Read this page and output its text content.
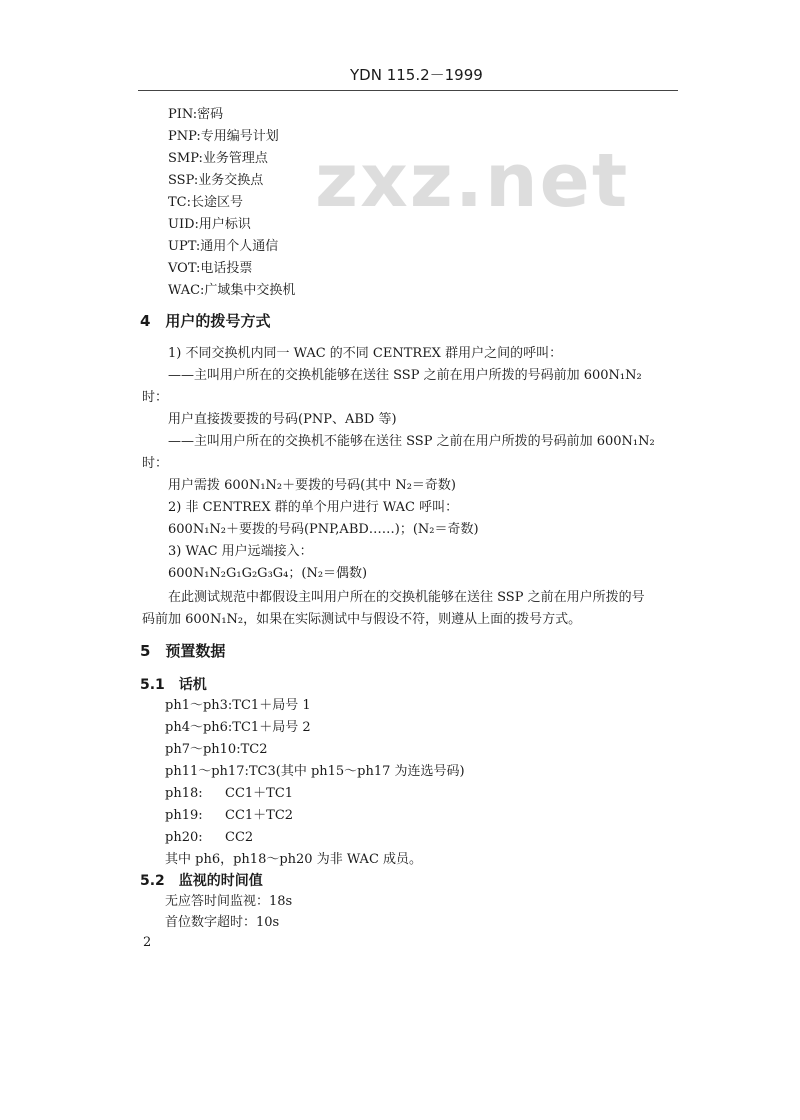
YDN 115.2－1999
zxz.net
PIN:密码
PNP:专用编号计划
SMP:业务管理点
SSP:业务交换点
TC:长途区号
UID:用户标识
UPT:通用个人通信
VOT:电话投票
WAC:广域集中交换机
4　用户的拨号方式
1) 不同交换机内同一 WAC 的不同 CENTREX 群用户之间的呼叫：
——主叫用户所在的交换机能够在送往 SSP 之前在用户所拨的号码前加 600N₁N₂
时：
用户直接拨要拨的号码(PNP、ABD 等)
——主叫用户所在的交换机不能够在送往 SSP 之前在用户所拨的号码前加 600N₁N₂
时：
用户需拨 600N₁N₂＋要拨的号码(其中 N₂＝奇数)
2) 非 CENTREX 群的单个用户进行 WAC 呼叫：
600N₁N₂＋要拨的号码(PNP,ABD……)；(N₂＝奇数)
3) WAC 用户远端接入：
600N₁N₂G₁G₂G₃G₄；(N₂＝偶数)
在此测试规范中都假设主叫用户所在的交换机能够在送往 SSP 之前在用户所拨的号
码前加 600N₁N₂，如果在实际测试中与假设不符，则遵从上面的拨号方式。
5　预置数据
5.1　话机
ph1～ph3:TC1＋局号 1
ph4～ph6:TC1＋局号 2
ph7～ph10:TC2
ph11～ph17:TC3(其中 ph15～ph17 为连选号码)
ph18: CC1＋TC1
ph19: CC1＋TC2
ph20: CC2
其中 ph6，ph18～ph20 为非 WAC 成员。
5.2　监视的时间值
无应答时间监视：18s
首位数字超时：10s
2
